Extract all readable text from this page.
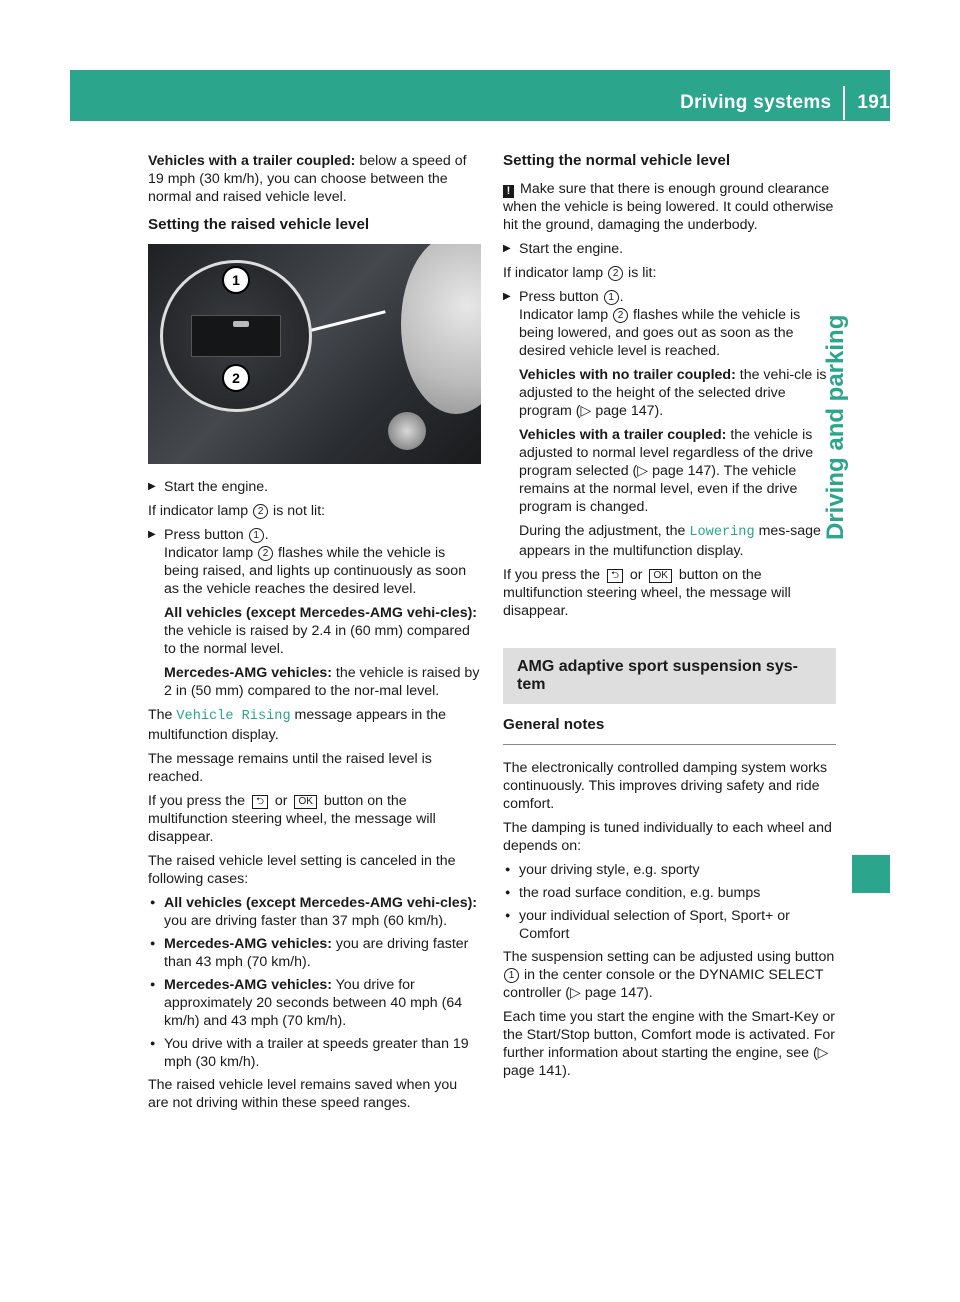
Driving systems 191
Driving and parking

Vehicles with a trailer coupled: below a speed of 19 mph (30 km/h), you can choose between the normal and raised vehicle level.

Setting the raised vehicle level
1
2
▶ Start the engine.

If indicator lamp 2 is not lit:

▶ Press button 1 .
Indicator lamp 2 flashes while the vehicle is being raised, and lights up continuously as soon as the vehicle reaches the desired level.
All vehicles (except Mercedes-AMG vehi-cles): the vehicle is raised by 2.4 in (60 mm) compared to the normal level.
Mercedes-AMG vehicles: the vehicle is raised by 2 in (50 mm) compared to the nor-mal level.

The Vehicle Rising message appears in the multifunction display.

The message remains until the raised level is reached.

If you press the ⮌ or OK button on the multifunction steering wheel, the message will disappear.

The raised vehicle level setting is canceled in the following cases:

● All vehicles (except Mercedes-AMG vehi-cles): you are driving faster than 37 mph (60 km/h).
● Mercedes-AMG vehicles: you are driving faster than 43 mph (70 km/h).
● Mercedes-AMG vehicles: You drive for approximately 20 seconds between 40 mph (64 km/h) and 43 mph (70 km/h).
● You drive with a trailer at speeds greater than 19 mph (30 km/h).

The raised vehicle level remains saved when you are not driving within these speed ranges.

Setting the normal vehicle level

! Make sure that there is enough ground clearance when the vehicle is being lowered. It could otherwise hit the ground, damaging the underbody.

▶ Start the engine.

If indicator lamp 2 is lit:

▶ Press button 1 .
Indicator lamp 2 flashes while the vehicle is being lowered, and goes out as soon as the desired vehicle level is reached.
Vehicles with no trailer coupled: the vehi-cle is adjusted to the height of the selected drive program (▷ page 147).
Vehicles with a trailer coupled: the vehicle is adjusted to normal level regardless of the drive program selected (▷ page 147). The vehicle remains at the normal level, even if the drive program is changed.
During the adjustment, the Lowering mes-sage appears in the multifunction display.

If you press the ⮌ or OK button on the multifunction steering wheel, the message will disappear.

AMG adaptive sport suspension sys-tem
General notes

The electronically controlled damping system works continuously. This improves driving safety and ride comfort.

The damping is tuned individually to each wheel and depends on:

● your driving style, e.g. sporty
● the road surface condition, e.g. bumps
● your individual selection of Sport, Sport+ or Comfort

The suspension setting can be adjusted using button 1 in the center console or the DYNAMIC SELECT controller (▷ page 147).

Each time you start the engine with the Smart-Key or the Start/Stop button, Comfort mode is activated. For further information about starting the engine, see (▷ page 141).
